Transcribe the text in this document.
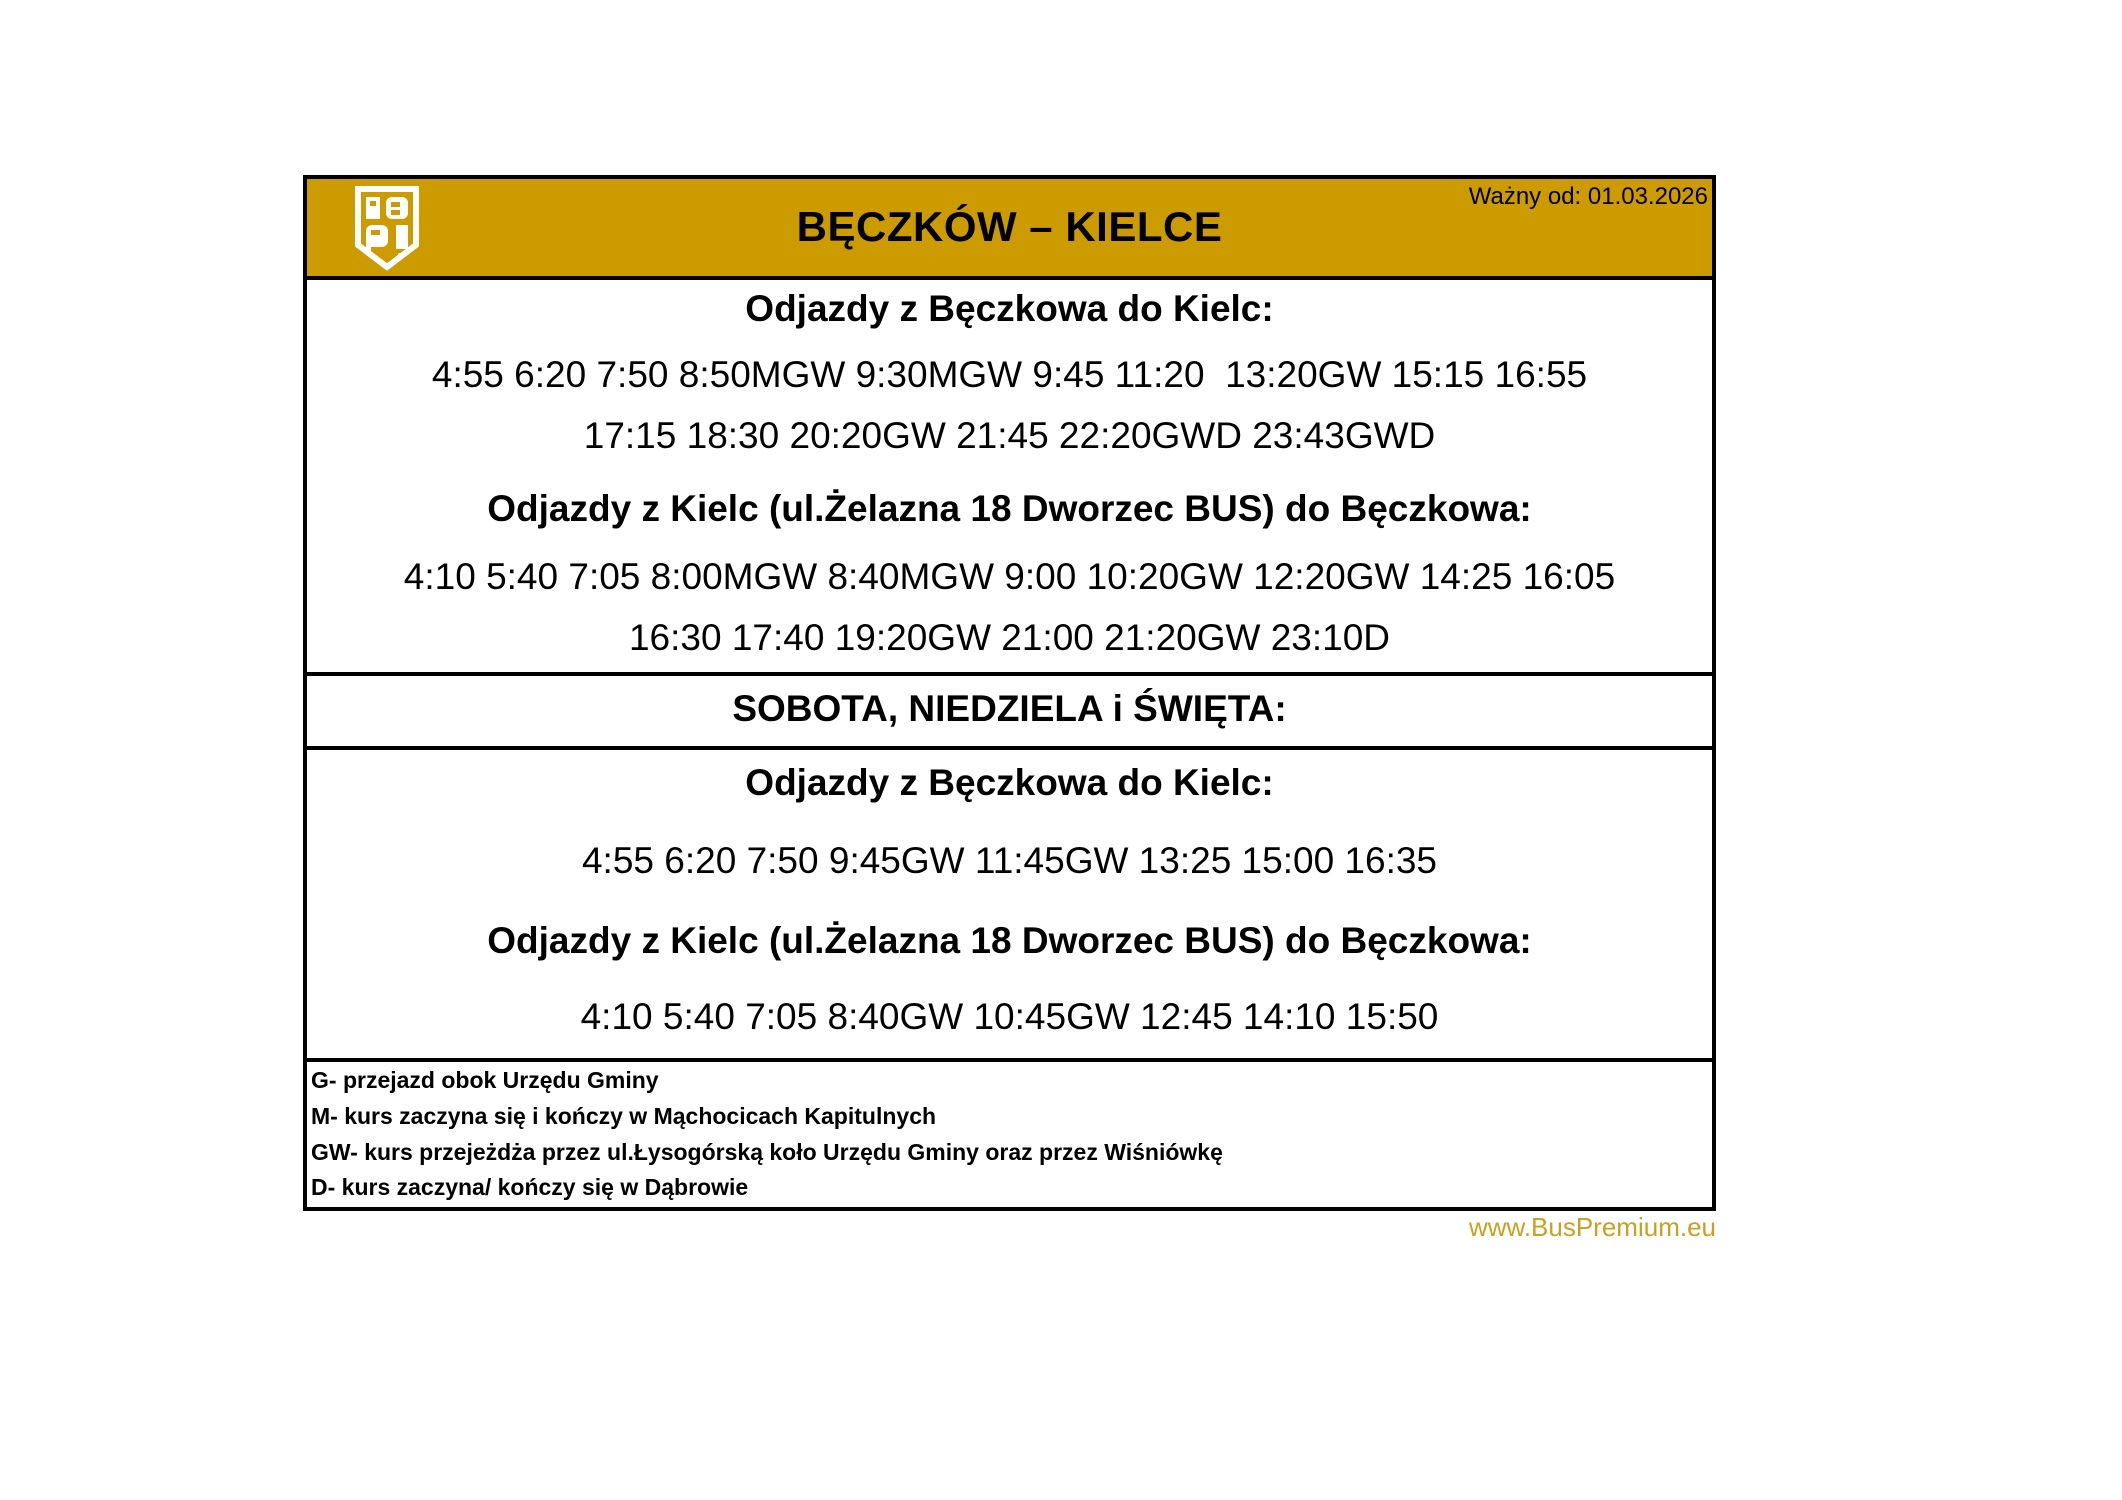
BĘCZKÓW – KIELCE
Ważny od: 01.03.2026
Odjazdy z Bęczkowa do Kielc:
4:55 6:20 7:50 8:50MGW 9:30MGW 9:45 11:20  13:20GW 15:15 16:55
17:15 18:30 20:20GW 21:45 22:20GWD 23:43GWD
Odjazdy z Kielc (ul.Żelazna 18 Dworzec BUS) do Bęczkowa:
4:10 5:40 7:05 8:00MGW 8:40MGW 9:00 10:20GW 12:20GW 14:25 16:05
16:30 17:40 19:20GW 21:00 21:20GW 23:10D
SOBOTA, NIEDZIELA i ŚWIĘTA:
Odjazdy z Bęczkowa do Kielc:
4:55 6:20 7:50 9:45GW 11:45GW 13:25 15:00 16:35
Odjazdy z Kielc (ul.Żelazna 18 Dworzec BUS) do Bęczkowa:
4:10 5:40 7:05 8:40GW 10:45GW 12:45 14:10 15:50
G- przejazd obok Urzędu Gminy
M- kurs zaczyna się i kończy w Mąchocicach Kapitulnych
GW- kurs przejeżdża przez ul.Łysogórską koło Urzędu Gminy oraz przez Wiśniówkę
D- kurs zaczyna/ kończy się w Dąbrowie
www.BusPremium.eu
